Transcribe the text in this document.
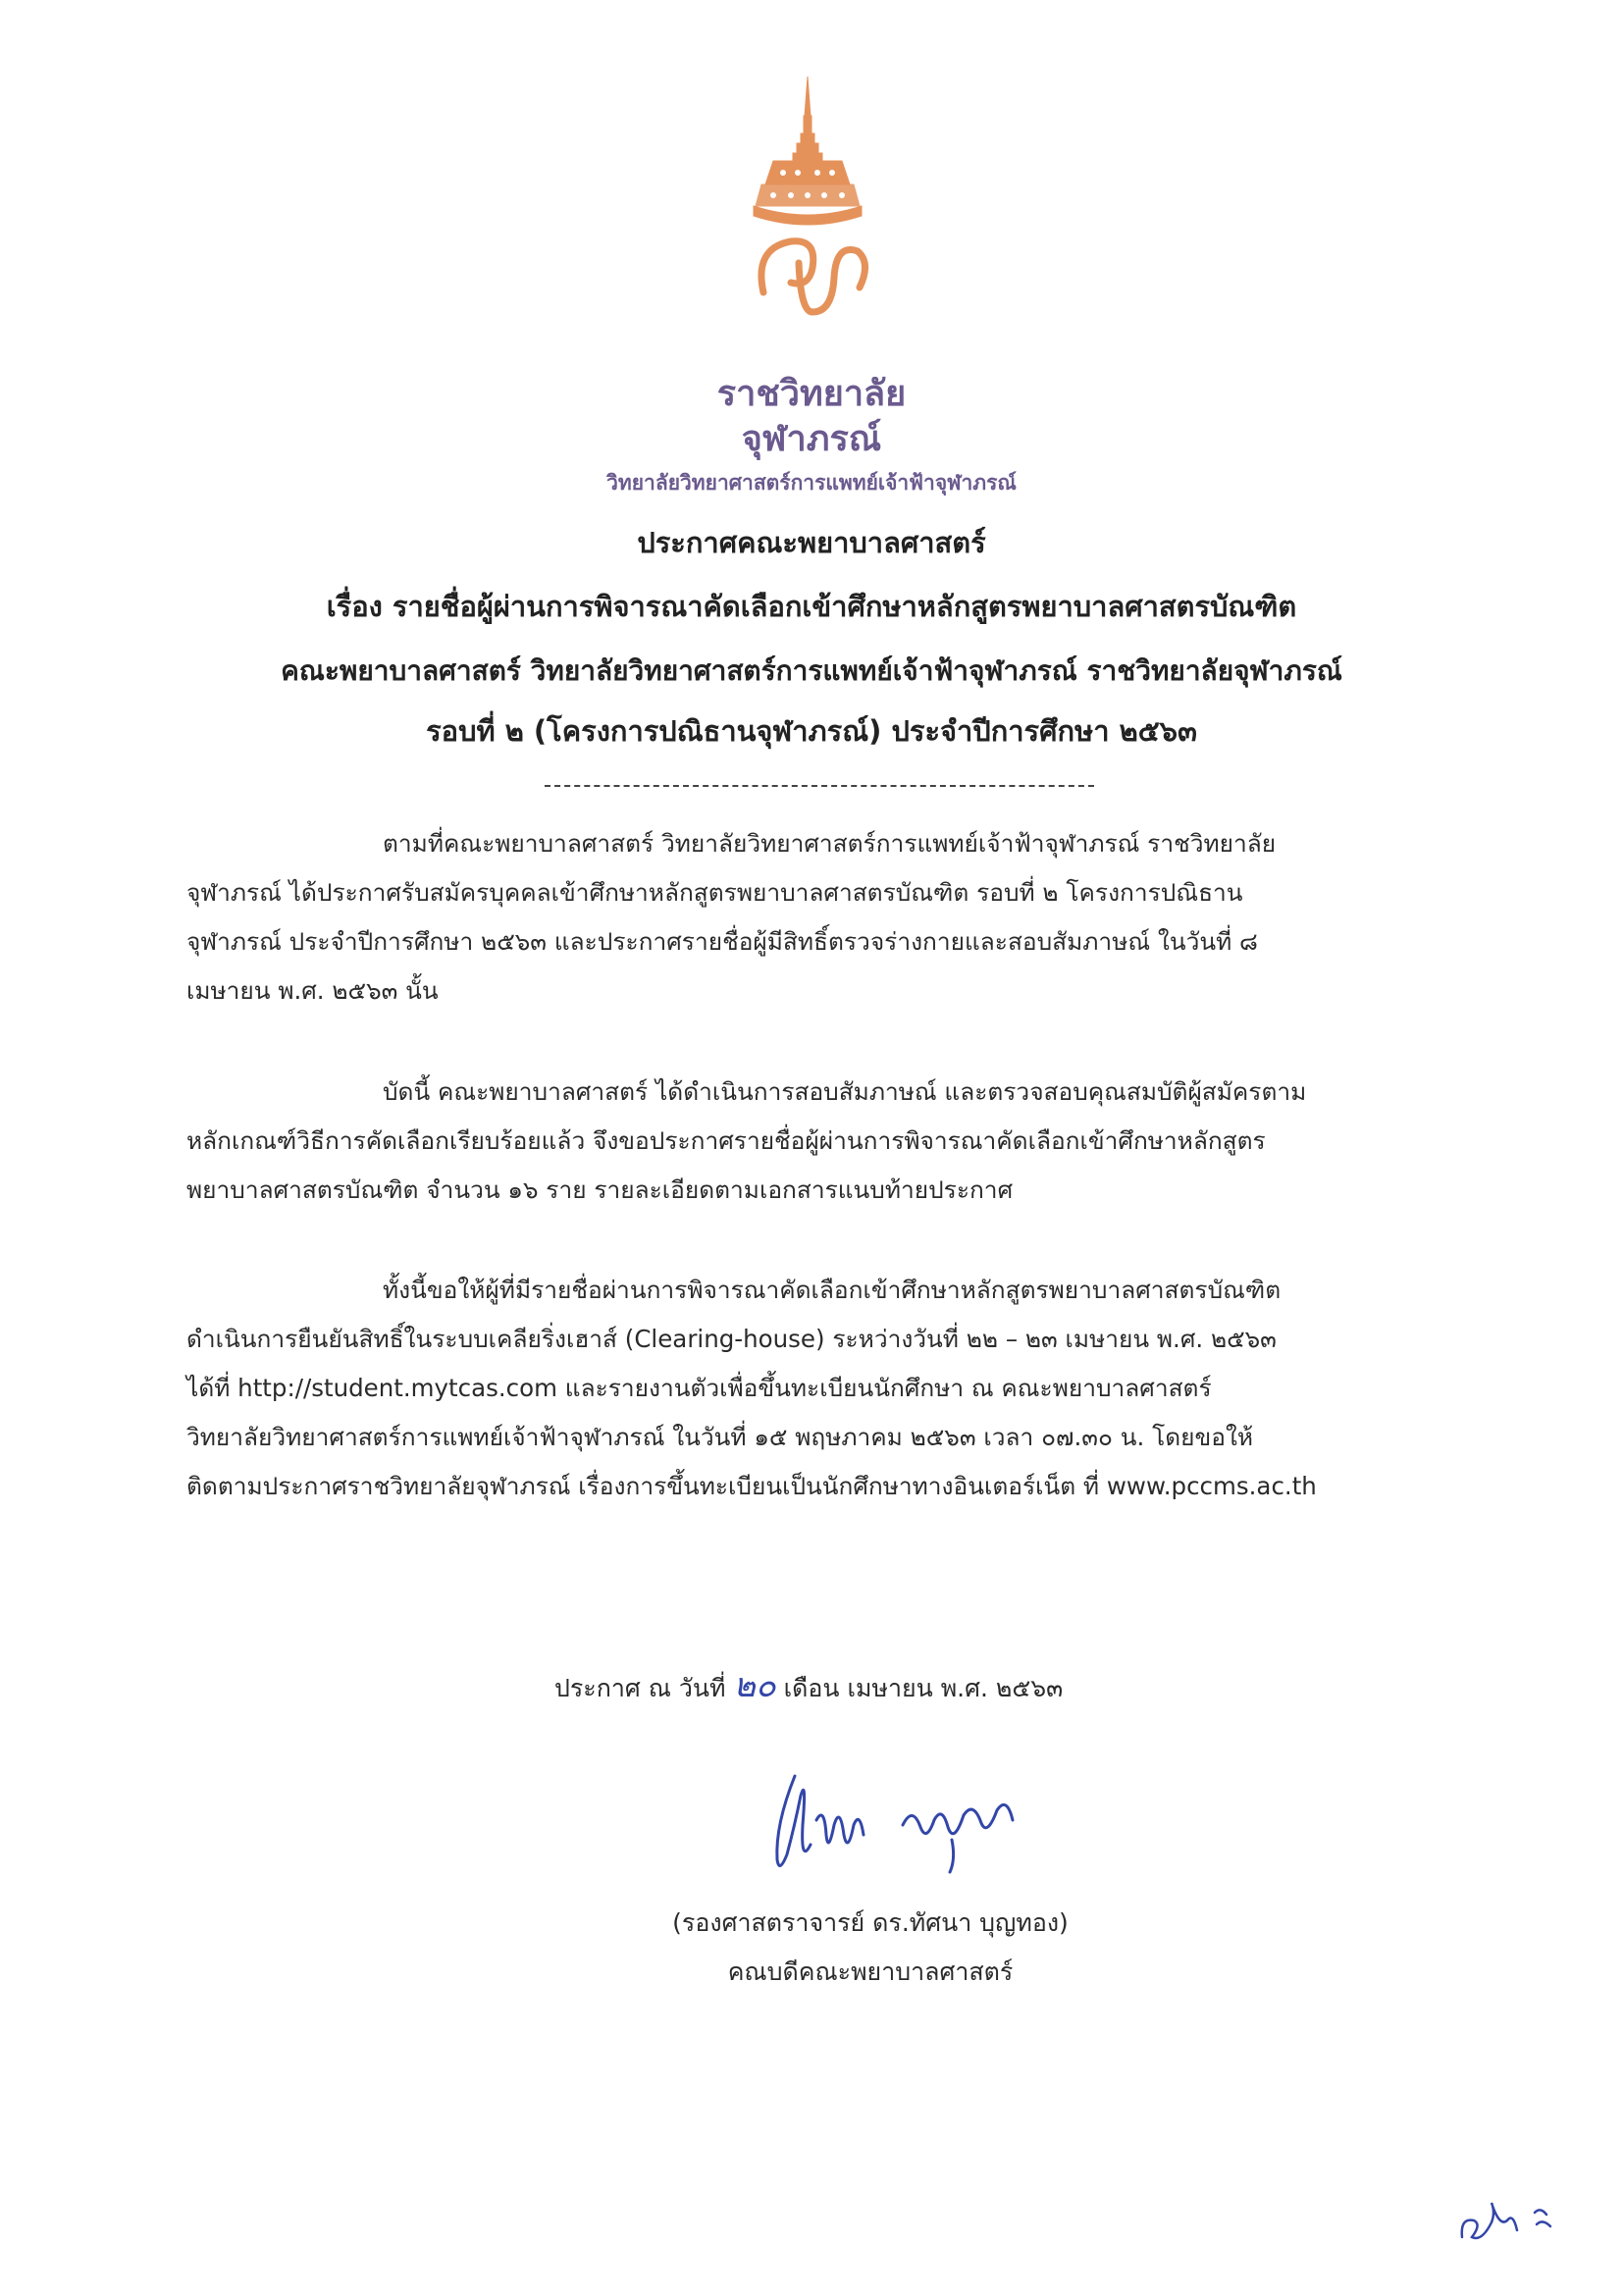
ราชวิทยาลัย
จุฬาภรณ์
วิทยาลัยวิทยาศาสตร์การแพทย์เจ้าฟ้าจุฬาภรณ์
ประกาศคณะพยาบาลศาสตร์
เรื่อง รายชื่อผู้ผ่านการพิจารณาคัดเลือกเข้าศึกษาหลักสูตรพยาบาลศาสตรบัณฑิต
คณะพยาบาลศาสตร์ วิทยาลัยวิทยาศาสตร์การแพทย์เจ้าฟ้าจุฬาภรณ์ ราชวิทยาลัยจุฬาภรณ์
รอบที่ ๒ (โครงการปณิธานจุฬาภรณ์) ประจำปีการศึกษา ๒๕๖๓
ตามที่คณะพยาบาลศาสตร์ วิทยาลัยวิทยาศาสตร์การแพทย์เจ้าฟ้าจุฬาภรณ์ ราชวิทยาลัย
จุฬาภรณ์ ได้ประกาศรับสมัครบุคคลเข้าศึกษาหลักสูตรพยาบาลศาสตรบัณฑิต รอบที่ ๒ โครงการปณิธาน
จุฬาภรณ์ ประจำปีการศึกษา ๒๕๖๓ และประกาศรายชื่อผู้มีสิทธิ์ตรวจร่างกายและสอบสัมภาษณ์ ในวันที่ ๘
เมษายน พ.ศ. ๒๕๖๓ นั้น
บัดนี้ คณะพยาบาลศาสตร์ ได้ดำเนินการสอบสัมภาษณ์ และตรวจสอบคุณสมบัติผู้สมัครตาม
หลักเกณฑ์วิธีการคัดเลือกเรียบร้อยแล้ว จึงขอประกาศรายชื่อผู้ผ่านการพิจารณาคัดเลือกเข้าศึกษาหลักสูตร
พยาบาลศาสตรบัณฑิต จำนวน ๑๖ ราย รายละเอียดตามเอกสารแนบท้ายประกาศ
ทั้งนี้ขอให้ผู้ที่มีรายชื่อผ่านการพิจารณาคัดเลือกเข้าศึกษาหลักสูตรพยาบาลศาสตรบัณฑิต
ดำเนินการยืนยันสิทธิ์ในระบบเคลียริ่งเฮาส์ (Clearing-house) ระหว่างวันที่ ๒๒ – ๒๓ เมษายน พ.ศ. ๒๕๖๓
ได้ที่ http://student.mytcas.com และรายงานตัวเพื่อขึ้นทะเบียนนักศึกษา ณ คณะพยาบาลศาสตร์
วิทยาลัยวิทยาศาสตร์การแพทย์เจ้าฟ้าจุฬาภรณ์ ในวันที่ ๑๕ พฤษภาคม ๒๕๖๓ เวลา ๐๗.๓๐ น. โดยขอให้
ติดตามประกาศราชวิทยาลัยจุฬาภรณ์ เรื่องการขึ้นทะเบียนเป็นนักศึกษาทางอินเตอร์เน็ต ที่ www.pccms.ac.th
ประกาศ ณ วันที่ ๒๐ เดือน เมษายน พ.ศ. ๒๕๖๓
(รองศาสตราจารย์ ดร.ทัศนา บุญทอง)
คณบดีคณะพยาบาลศาสตร์
